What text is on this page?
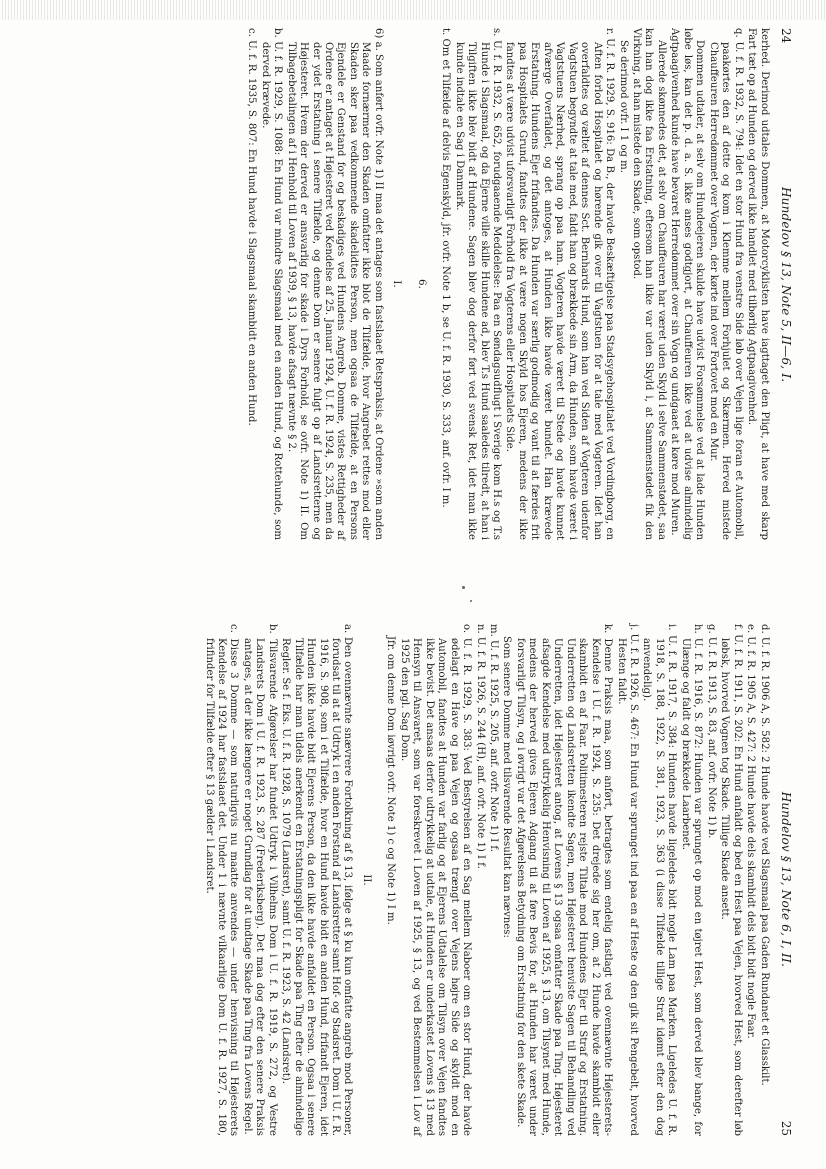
24
Hundelov § 13, Note 5, II—6, I.

kerhed. Derimod udtales Dommen, at Motorcyklisten have iagttaget den Pligt, at have med skarp Fart tæt op ad Hunden og derved ikke handlet med tilbørlig Agtpaagivenhed.

q. U. f. R. 1932, S. 794: Idet en stor Hund fra venstre Side løb over Vejen lige foran et Automobil, paakørtes den af dette og kom i Klemme mellem Forhjulet og Skærmen. Herved mistede Chauffeuren Herredømmet over Vognen, der kørte ind over Fortovet mod en Mur.

Dommen udtaler, at selv om Hundeejeren skulde have udvist Forsømmelse ved at lade Hunden løbe løs, kan det p. d. a. S. ikke anses godtgjort, at Chauffeuren ikke ved at udvise almindelig Agtpaagivenhed kunde have bevaret Herredømmet over sin Vogn og undgaaet at køre mod Muren.

Allerede skønnedes det, at selv om Chauffeuren har været uden Skyld i selve Sammenstødet, saa kan han dog ikke faa Erstatning, eftersom han ikke var uden Skyld i, at Sammenstødet fik den Virkning, at han mistede den Skade, som opstod.

Se derimod ovfr. I 1 og m.

r. U. f. R. 1929, S. 916: Da B., der havde Beskæftigelse paa Stadsygehospitalet ved Vordingborg, en Aften forlod Hospitalet og hørende gik over til Vagtstuen for at tale med Vogteren. Idet han overfaldtes og væltet af dennes Sct. Bernhards Hund, som han ved Siden af Vogteren udenfor Vagtstuen begyndte at tale med, faldt han og brækkede sin Arm, da Hunden, som havde været i Vagtstuens Nærhed, sprang op paa ham. Vogteren havde været til Stede og havde kunnet afværge Overfaldet, og det antoges, at Hunden ikke havde været bundet. Han krævede Erstatning. Hundens Ejer frifandtes. Da Hunden var særlig godmodig og vant til at færdes frit paa Hospitalets Grund, fandtes der ikke at være nogen Skyld hos Ejeren, medens der ikke fandtes at være udvist uforsvarligt Forhold fra Vogterens eller Hospitalets Side.

s. U. f. R. 1932, S. 652, forudgaaende Meddelelse: Paa en Søndagsudflugt i Sverige kom H.s og T.s Hunde i Slagsmaal, og da Ejerne ville skille Hundene ad, blev T.s Hund saaledes tilredt, at han i Tilgiften ikke blev bidt af Hundene. Sagen blev dog derfor ført ved svensk Ret, idet man ikke kunde indtale en Sag i Danmark.

t. Om et Tilfælde af delvis Egenskyld, jfr. ovfr. Note 1 b, se U. f. R. 1930, S. 333, anf. ovfr. I m.

6.

I.

6) a. Som anført ovfr. Note 1) II maa det antages som fastslaaet Retspraksis, at Ordene »som anden Maade fornærmer den Skaden omfatter ikke blot de Tilfælde, hvor Angrebet rettes mod eller Skaden sker paa vedkommende skadelidtes Person, men ogsaa de Tilfælde, at en Persons Ejendele er Genstand for og beskadiges ved Hundens Angreb. Domme, vistes Rettigheder af Ordene er antaget at Højesteret ved Kendelse af 25. Januar 1924, U. f. R. 1924, S. 235, men da der ydet Erstatning i senere Tilfælde, og denne Dom er senere fulgt op af Landsretterne og Højesteret. Hvem der derved er ansvarlig for skade i Dyrs Forhold, se ovfr. Note 1) II. Om Tilbagebetalingen af i Henhold til Loven af 1939, § 13, havde afsagt nævnte § 2.

b. U. f. R. 1929, S. 1088: En Hund var mindre Slagsmaal med en anden Hund, og Rottehunde, som derved krævede.

c. U. f. R. 1935, S. 807: En Hund havde i Slagsmaal skambidt en anden Hund.

Hundelov § 13, Note 6, I, II.
25

d. U. f. R. 1906 A, S. 582: 2 Hunde havde ved Slagsmaal paa Gaden Rundanet et Glasskilt.

e. U. f. R. 1905 A, S. 427: 2 Hunde havde dels skambidt dels bidt bidt nogle Faar.

f. U. f. R. 1911, S. 202: En Hund anfaldt og bed en Hest paa Vejen, hvorved Hest, som derefter løb løbsk, hvorved Vognen tog Skade. Tillige Skade ansett.

g. U. f. R. 1913, S. 83, anf. ovfr. Note 1) b.

h. U. f. R. 1916, S. 872: Hunden var sprunget op mod en tøjret Hest, som derved blev bange, for Ulænge og faldt og brækkede Laarbenet.

i. U. f. R. 1917, S. 384: Hundens havde ligeledes bidt nogle Lam paa Marken. Ligeledes U. f. R. 1918, S. 188, 1922, S. 381, 1923, S. 363 (i disse Tilfælde tillige Straf idømt efter den dog anvendelig).

j. U. f. R. 1926, S. 467: En Hund var sprunget ind paa en af Heste og den gik sit Pengebelt, hvorved Hesten faldt.

k. Denne Praksis maa, som anført, betragtes som endelig fastlagt ved ovennævnte Højesterets-Kendelse i U. f. R. 1924, S. 235: Det drejede sig her om, at 2 Hunde havde skambidt eller skambidt en af Faar. Politimesteren rejste Tiltale mod Hundenes Ejer til Straf og Erstatning. Underretten og Landsretten ikendte Sagen, men Højesteret henviste Sagen til Behandling ved Underretten, idet Højesteret antog, at Lovens § 13 ogsaa omfatter Skade paa Ting. Højesteret afsagde Kendelse med udtrykkelig Henvisning til Loven af 1925, § 13, om Tilsynet med Hunde, medens der herved gives Ejeren Adgang til at føre Bevis for, at Hunden har været under forsvarligt Tilsyn, og i øvrigt var det Afgørelsens Betydning om Erstatning for den skete Skade.

Som senere Domme med tilsvarende Resultat kan nævnes:

m. U. f. R. 1925, S. 205, anf. ovfr. Note 1) I f.

n. U. f. R. 1926, S. 244 (H), anf. ovfr. Note 1) I f.

o. U. f. R. 1929, S. 383: Ved Bestyrelsen af en Sag mellem Naboer om en stor Hund, der havde ødelagt en Have og paa Vejen og ogsaa trængt over Vejens højre Side og skyldt mod en Automobil, fandtes at Hunden var farlig og at Ejerens Udtalelse om Tilsyn over Vejen fandtes ikke bevist. Det ansaas derfor udtrykkelig at udtale, at Hunden er underkastet Lovens § 13 med Hensyn til Ansvaret, som var foreskrevet i Loven af 1925, § 13, og ved Bestemmelsen i Lov af 1925 den pgl. Sag Dom.

Jfr. om denne Dom iøvrigt ovfr. Note 1) c og Note 1) I m.

II.

a. Den ovennævnte snævrere Fortolkning af § 13, ifølge at § ku kun omfatte angreb mod Personer, forudsat til at at Udtryk i en anden Forstand af Landsretter samt Hof- og Stadsret. Dom i U. f. R. 1916, S. 908, som i et Tilfælde, hvor en Hund havde bidt en anden Hund, frifandt Ejeren, idet Hunden ikke havde bidt Ejerens Person, da den ikke havde anfaldet en Person. Ogsaa i senere Tilfælde har man tildels anerkendt en Erstatningspligt for Skade paa Ting efter de almindelige Regler. Se f. Eks. U. f. R. 1928, S. 1079 (Landsret), samt U. f. R. 1923, S. 42 (Landsret).

b. Tilsvarende Afgørelser har fundet Udtryk i Vilhelms Dom i U. f. R. 1919, S. 272, og Vestre Landsrets Dom i U. f. R. 1923, S. 287 (Frederiksberg). Det maa dog efter den senere Praksis antages, at der ikke længere er noget Grundlag for at undtage Skade paa Ting fra Lovens Regel.

c. Disse 3 Domme — som naturligvis nu maatte anvendes — under henvisning til Højesterets Kendelse af 1924 har fastslaaet det. Under 1 i nævnte vilkaarlige Dom U. f. R. 1927, S. 180, frifinder for Tilfælde efter § 13 gælder i Landsret.
